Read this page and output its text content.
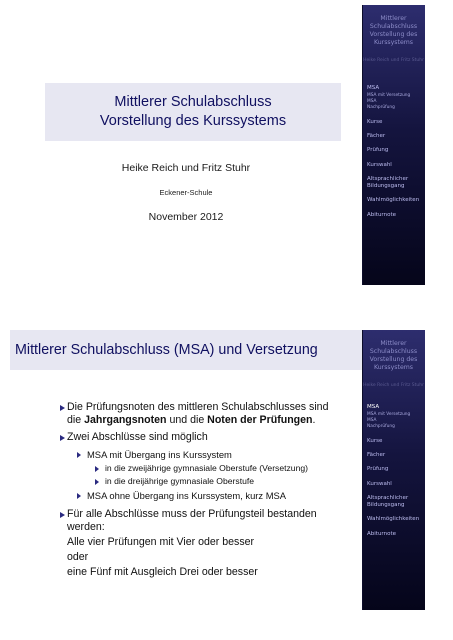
Mittlerer Schulabschluss
Vorstellung des Kurssystems
Heike Reich und Fritz Stuhr
Eckener-Schule
November 2012
Mittlerer
Schulabschluss
Vorstellung des
Kurssystems
Heike Reich und Fritz Stuhr
MSA
MSA mit Versetzung
MSA
Nachprüfung
Kurse
Fächer
Prüfung
Kurswahl
Altsprachlicher
Bildungsgang
Wahlmöglichkeiten
Abiturnote
Mittlerer Schulabschluss (MSA) und Versetzung
Die Prüfungsnoten des mittleren Schulabschlusses sind
die Jahrgangsnoten und die Noten der Prüfungen.
Zwei Abschlüsse sind möglich
MSA mit Übergang ins Kurssystem
in die zweijährige gymnasiale Oberstufe (Versetzung)
in die dreijährige gymnasiale Oberstufe
MSA ohne Übergang ins Kurssystem, kurz MSA
Für alle Abschlüsse muss der Prüfungsteil bestanden
werden:
Alle vier Prüfungen mit Vier oder besser
oder
eine Fünf mit Ausgleich Drei oder besser
Mittlerer
Schulabschluss
Vorstellung des
Kurssystems
Heike Reich und Fritz Stuhr
MSA
MSA mit Versetzung
MSA
Nachprüfung
Kurse
Fächer
Prüfung
Kurswahl
Altsprachlicher
Bildungsgang
Wahlmöglichkeiten
Abiturnote
